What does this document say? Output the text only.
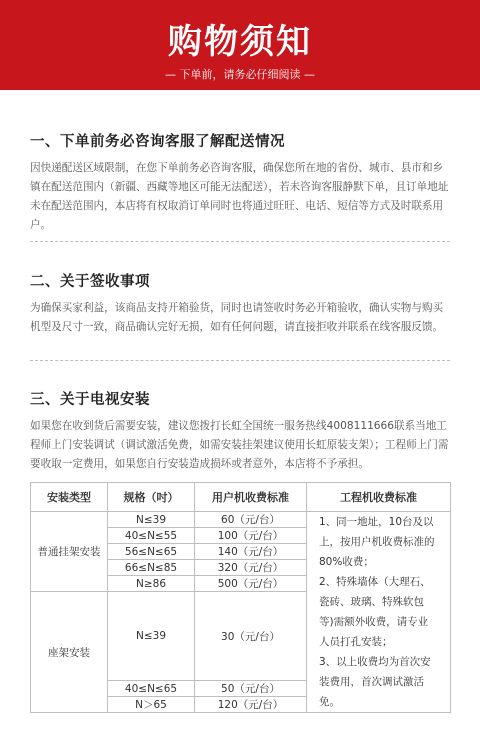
购物须知
— 下单前，请务必仔细阅读 —
一、下单前务必咨询客服了解配送情况

因快递配送区域限制，在您下单前务必咨询客服，确保您所在地的省份、城市、县市和乡镇在配送范围内（新疆、西藏等地区可能无法配送），若未咨询客服静默下单，且订单地址未在配送范围内，本店将有权取消订单同时也将通过旺旺、电话、短信等方式及时联系用户。

二、关于签收事项

为确保买家利益，该商品支持开箱验货，同时也请签收时务必开箱验收，确认实物与购买机型及尺寸一致，商品确认完好无损，如有任何问题，请直接拒收并联系在线客服反馈。

三、关于电视安装

如果您在收到货后需要安装，建议您拨打长虹全国统一服务热线4008111666联系当地工程师上门安装调试（调试激活免费，如需安装挂架建议使用长虹原装支架）；工程师上门需要收取一定费用，如果您自行安装造成损坏或者意外，本店将不予承担。

安装类型	规格（吋）	用户机收费标准	工程机收费标准
普通挂架安装	N≤39	60（元/台）	1、同一地址，10台及以上，按用户机收费标准的80%收费；
2、特殊墙体（大理石、瓷砖、玻璃、特殊软包等)需额外收费，请专业人员打孔安装；
3、以上收费均为首次安装费用，首次调试激活免。

	40≤N≤55	100（元/台）	
	56≤N≤65	140（元/台）	
	66≤N≤85	320（元/台）	
	N≥86	500（元/台）	
座架安装	N≤39	30（元/台）	
	40≤N≤65	50（元/台）	
	N＞65	120（元/台）	
